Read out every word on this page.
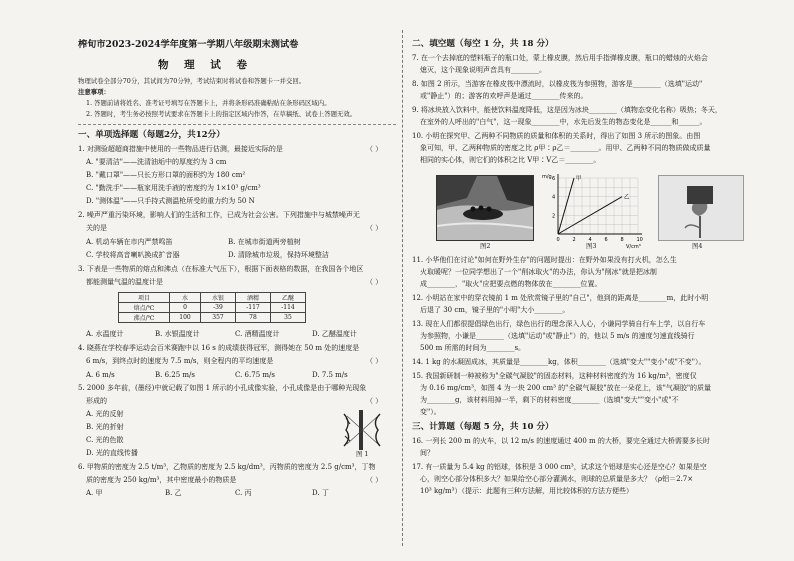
榨旬市2023-2024学年度第一学期八年级期末测试卷
物 理 试 卷
物理试卷全部分70分，其试间为70分钟，考试结束时将试卷和答题卡一并交回。
注意事项：
1. 答题前请将姓名、准考证号填写在答题卡上，并将条形码准确粘贴在条形码区域内。
2. 答题时，考生务必按照考试要求在答题卡上的指定区域内作答，在草稿纸、试卷上答题无效。
一、单项选择题（每题2分，共12分）
1. 对测验超超商措施中使用的一些物品进行估测，最接近实际的是	（ ）
A. "要清洁"——洗清油垢中的厚度约为 3 cm
B. "戴口罩"——只长方形口罩的面积约为 180 cm²
C. "勤洗手"——瓶家用洗手液的密度约为 1×10³ g/cm³
D. "测体温"——只手持式测温枪所受的重力约为 50 N
2. 噪声严重污染环境，影响人们的生活和工作，已成为社会公害。下列措施中与城禁噪声无
关的是	（ ）
A. 机动车辆在市内严禁鸣笛	B. 在城市街道两旁植树
C. 学校将高音喇叭换成扩音器	D. 清除城市垃圾，保持环境整洁
3. 下表是一些物质的熔点和沸点（在标准大气压下），根据下面表格的数据，在我国各个地区
都能测量气温的温度计是	（ ）
项目	水	水银	酒精	乙醚
熔点/℃	0	-39	-117	-114
沸点/℃	100	357	78	35
A. 水温度计	B. 水银温度计	C. 酒精温度计	D. 乙醚温度计
4. 晓燕在学校春季运动会百米赛跑中以 16 s 的成绩获得冠军，测得她在 50 m 处的速度是
6 m/s，到终点时的速度为 7.5 m/s，则全程内的平均速度是	（ ）
A. 6 m/s	B. 6.25 m/s	C. 6.75 m/s	D. 7.5 m/s
5. 2000 多年前，(墨经)中就记载了如图 1 所示的小孔成像实验，小孔成像是由于哪种光现象
形成的	（ ）
A. 光的反射
B. 光的折射
C. 光的色散
D. 光的直线传播	图 1
6. 甲物质的密度为 2.5 t/m³，乙物质的密度为 2.5 kg/dm³，丙物质的密度为 2.5 g/cm³，丁物
质的密度为 250 kg/m³，其中密度最小的物质是	（ ）
A. 甲	B. 乙	C. 丙	D. 丁
二、填空题（每空 1 分，共 18 分）
7. 在一个去掉底的塑料瓶子的瓶口处，蒙上橡皮膜，然后用手指弹橡皮膜，瓶口的蜡烛的火焰会
熄灭，这个现象说明声音具有________。
8. 如图 2 所示，当游客在橡皮筏中漂流时，以橡皮筏为参照物，游客是________（选填"运动"
或"静止"）的；游客的欢呼声是通过________传来的。
9. 将冰块放入饮料中，能使饮料温度降低，这是因为冰块________（填物态变化名称）吸热；冬天，
在室外的人呼出的"白气"，这一现象________中，水先后发生的物态变化是______和______。
10. 小明在探究甲、乙两种不同物质的质量和体积的关系时，得出了如图 3 所示的图象。由图
象可知，甲、乙两种物质的密度之比 ρ甲∶ρ乙＝________。用甲、乙两种不同的物质做成质量
相同的实心体，则它们的体积之比 V甲∶V乙＝________。
图2
甲
乙
0	2	4	6	8	10
2
4
6
m/g
V/cm³
图3	图4
11. 小华他们在讨论"如何在野外生存"的问题时提出：在野外如果没有打火机，怎么生
火取暖呢？一位同学想出了一个"削冰取火"的办法，你认为"削冰"就是把冰制
成________，"取火"应把要点燃的物体放在________位置。
12. 小明站在家中的穿衣镜前 1 m 处欣赏镜子里的"自己"，他到的距离是________m，此时小明
后退了 30 cm，镜子里的"小明"大小________。
13. 现在人们都很提倡绿色出行，绿色出行的理念深入人心，小谦同学骑自行车上学，以自行车
为参照物，小谦是________（选填"运动"或"静止"）的，他以 5 m/s 的速度匀速直线骑行
500 m 所需的时间为________s。
14. 1 kg 的水凝固成冰，其质量是________kg，体积________（选填"变大""变小"或"不变"）。
15. 我国新研制一种被称为"全碳气凝胶"的固态材料，这种材料密度约为 16 kg/m³，密度仅
为 0.16 mg/cm³，如图 4 为一块 200 cm³ 的"全碳气凝胶"放在一朵花上，该"气凝胶"的质量
为________g，该材料用掉一半，剩下的材料密度________（选填"变大""变小"或"不
变"）。
三、计算题（每题 5 分，共 10 分）
16. 一列长 200 m 的火车，以 12 m/s 的速度通过 400 m 的大桥，要完全通过大桥需要多长时
间？
17. 有一质量为 5.4 kg 的铝球，体积是 3 000 cm³，试求这个铝球是实心还是空心？如果是空
心，则空心部分体积多大？如果给空心部分灌满水，则球的总质量是多大？（ρ铝＝2.7×
10³ kg/m³）（提示：此题有三种方法解，用比较体积的方法方便些）
